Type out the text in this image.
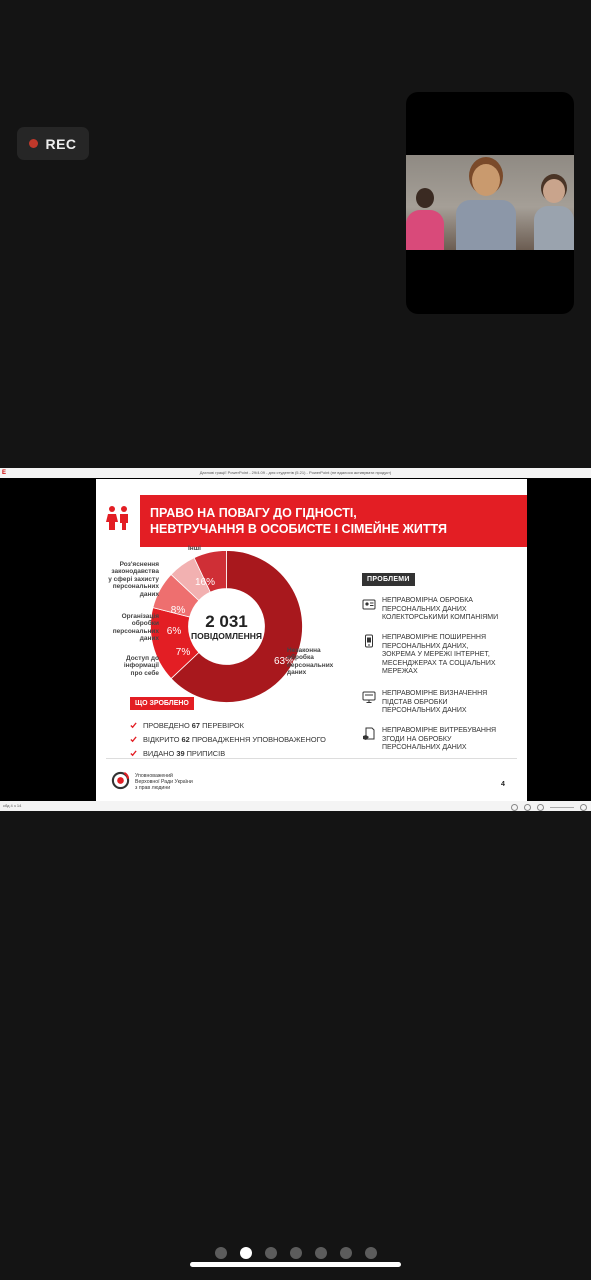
REC
E	Дахнові граціїї PowerPoint - 29/4.09 - для студентів (5.21) - PowerPoint (не вдалося активувати продукт)
ПРАВО НА ПОВАГУ ДО ГІДНОСТІ,
НЕВТРУЧАННЯ В ОСОБИСТЕ І СІМЕЙНЕ ЖИТТЯ
2 031
ПОВІДОМЛЕННЯ
63%
16%
8%
6%
7%
Інші
Роз'яснення
законодавства
у сфері захисту
персональних
даних
Організація
обробки
персональних
даних
Доступ до
інформації
про себе
Незаконна
обробка
персональних
даних
ПРОБЛЕМИ
НЕПРАВОМІРНА ОБРОБКА
ПЕРСОНАЛЬНИХ ДАНИХ
КОЛЕКТОРСЬКИМИ КОМПАНІЯМИ
НЕПРАВОМІРНЕ ПОШИРЕННЯ
ПЕРСОНАЛЬНИХ ДАНИХ,
ЗОКРЕМА У МЕРЕЖІ ІНТЕРНЕТ,
МЕСЕНДЖЕРАХ ТА СОЦІАЛЬНИХ
МЕРЕЖАХ
НЕПРАВОМІРНЕ ВИЗНАЧЕННЯ
ПІДСТАВ ОБРОБКИ
ПЕРСОНАЛЬНИХ ДАНИХ
НЕПРАВОМІРНЕ ВИТРЕБУВАННЯ
ЗГОДИ НА ОБРОБКУ
ПЕРСОНАЛЬНИХ ДАНИХ
ЩО ЗРОБЛЕНО
ПРОВЕДЕНО 67 ПЕРЕВІРОК
ВІДКРИТО 62 ПРОВАДЖЕННЯ УПОВНОВАЖЕНОГО
ВИДАНО 39 ПРИПИСІВ
Уповноважений
Верховної Ради України
з прав людини	4
сбд 4 з 14
